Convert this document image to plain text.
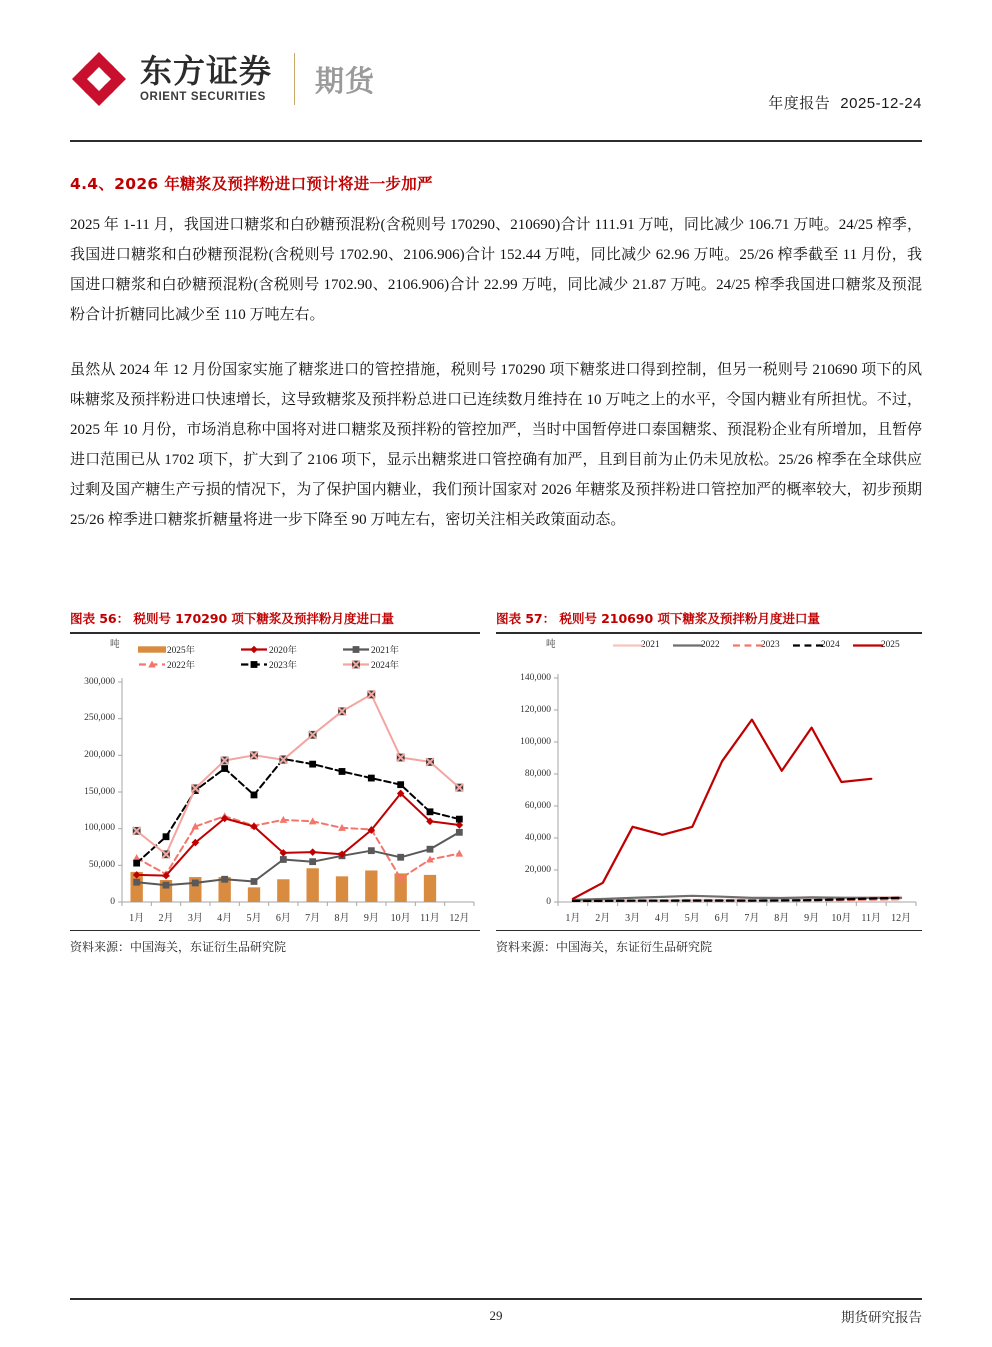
东方证券
ORIENT SECURITIES 期货
年度报告 2025-12-24
4.4、2026 年糖浆及预拌粉进口预计将进一步加严
2025 年 1-11 月，我国进口糖浆和白砂糖预混粉(含税则号 170290、210690)合计 111.91 万吨，同比减少 106.71 万吨。24/25 榨季，我国进口糖浆和白砂糖预混粉(含税则号 1702.90、2106.906)合计 152.44 万吨，同比减少 62.96 万吨。25/26 榨季截至 11 月份，我国进口糖浆和白砂糖预混粉(含税则号 1702.90、2106.906)合计 22.99 万吨，同比减少 21.87 万吨。24/25 榨季我国进口糖浆及预混粉合计折糖同比减少至 110 万吨左右。
虽然从 2024 年 12 月份国家实施了糖浆进口的管控措施，税则号 170290 项下糖浆进口得到控制，但另一税则号 210690 项下的风味糖浆及预拌粉进口快速增长，这导致糖浆及预拌粉总进口已连续数月维持在 10 万吨之上的水平，令国内糖业有所担忧。不过，2025 年 10 月份，市场消息称中国将对进口糖浆及预拌粉的管控加严，当时中国暂停进口泰国糖浆、预混粉企业有所增加，且暂停进口范围已从 1702 项下，扩大到了 2106 项下，显示出糖浆进口管控确有加严，且到目前为止仍未见放松。25/26 榨季在全球供应过剩及国产糖生产亏损的情况下，为了保护国内糖业，我们预计国家对 2026 年糖浆及预拌粉进口管控加严的概率较大，初步预期 25/26 榨季进口糖浆折糖量将进一步下降至 90 万吨左右，密切关注相关政策面动态。
图表 56： 税则号 170290 项下糖浆及预拌粉月度进口量
吨
0
50,000
100,000
150,000
200,000
250,000
300,000
1月 2月 3月 4月 5月 6月 7月 8月 9月 10月 11月 12月
2025年	2020年	2021年
2022年	2023年	2024年
资料来源：中国海关，东证衍生品研究院
图表 57： 税则号 210690 项下糖浆及预拌粉月度进口量
吨
0
20,000
40,000
60,000
80,000
100,000
120,000
140,000
1月 2月 3月 4月 5月 6月 7月 8月 9月 10月 11月 12月
2021	2022	2023	2024	2025
资料来源：中国海关，东证衍生品研究院
29	期货研究报告
